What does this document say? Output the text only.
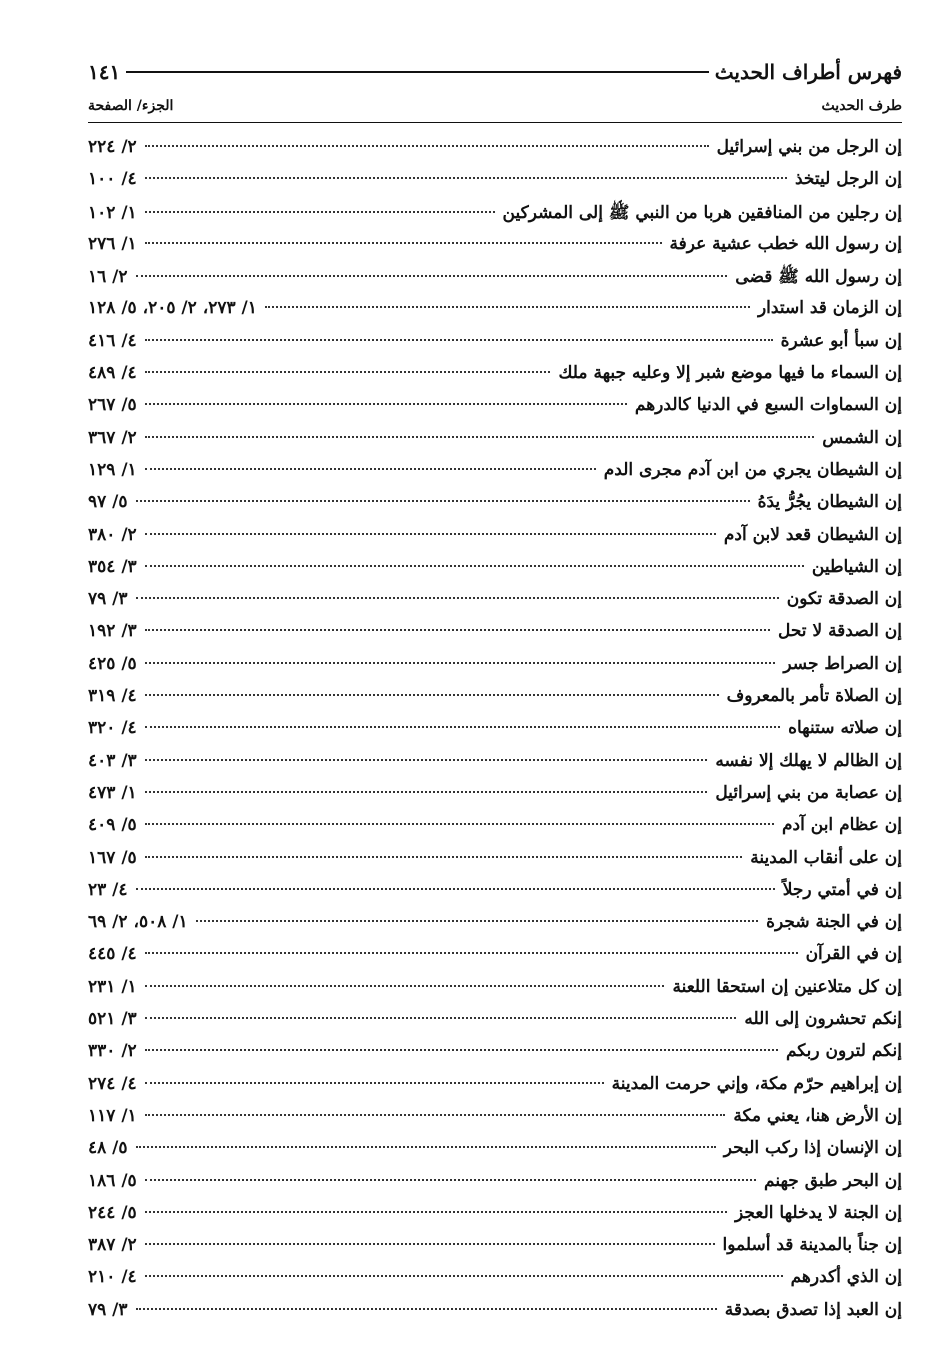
فهرس أطراف الحديث
١٤١
طرف الحديث
الجزء/ الصفحة
إن الرجل من بني إسرائيل
٢/ ٢٢٤
إن الرجل ليتخذ
٤/ ١٠٠
إن رجلين من المنافقين هربا من النبي ﷺ إلى المشركين
١/ ١٠٢
إن رسول الله خطب عشية عرفة
١/ ٢٧٦
إن رسول الله ﷺ قضى
٢/ ١٦
إن الزمان قد استدار
١/ ٢٧٣، ٢/ ٢٠٥، ٥/ ١٢٨
إن سبأ أبو عشرة
٤/ ٤١٦
إن السماء ما فيها موضع شبر إلا وعليه جبهة ملك
٤/ ٤٨٩
إن السماوات السبع في الدنيا كالدرهم
٥/ ٢٦٧
إن الشمس
٢/ ٣٦٧
إن الشيطان يجري من ابن آدم مجرى الدم
١/ ١٢٩
إن الشيطان يجُرُّ يدَهُ
٥/ ٩٧
إن الشيطان قعد لابن آدم
٢/ ٣٨٠
إن الشياطين
٣/ ٣٥٤
إن الصدقة تكون
٣/ ٧٩
إن الصدقة لا تحل
٣/ ١٩٢
إن الصراط جسر
٥/ ٤٢٥
إن الصلاة تأمر بالمعروف
٤/ ٣١٩
إن صلاته ستنهاه
٤/ ٣٢٠
إن الظالم لا يهلك إلا نفسه
٣/ ٤٠٣
إن عصابة من بني إسرائيل
١/ ٤٧٣
إن عظام ابن آدم
٥/ ٤٠٩
إن على أنقاب المدينة
٥/ ١٦٧
إن في أمتي رجلاً
٤/ ٢٣
إن في الجنة شجرة
١/ ٥٠٨، ٢/ ٦٩
إن في القرآن
٤/ ٤٤٥
إن كل متلاعنين إن استحقا اللعنة
١/ ٢٣١
إنكم تحشرون إلى الله
٣/ ٥٢١
إنكم لترون ربكم
٢/ ٣٣٠
إن إبراهيم حرّم مكة، وإني حرمت المدينة
٤/ ٢٧٤
إن الأرض هنا، يعني مكة
١/ ١١٧
إن الإنسان إذا ركب البحر
٥/ ٤٨
إن البحر طبق جهنم
٥/ ١٨٦
إن الجنة لا يدخلها العجز
٥/ ٢٤٤
إن جناً بالمدينة قد أسلموا
٢/ ٣٨٧
إن الذي أكدرهم
٤/ ٢١٠
إن العبد إذا تصدق بصدقة
٣/ ٧٩
